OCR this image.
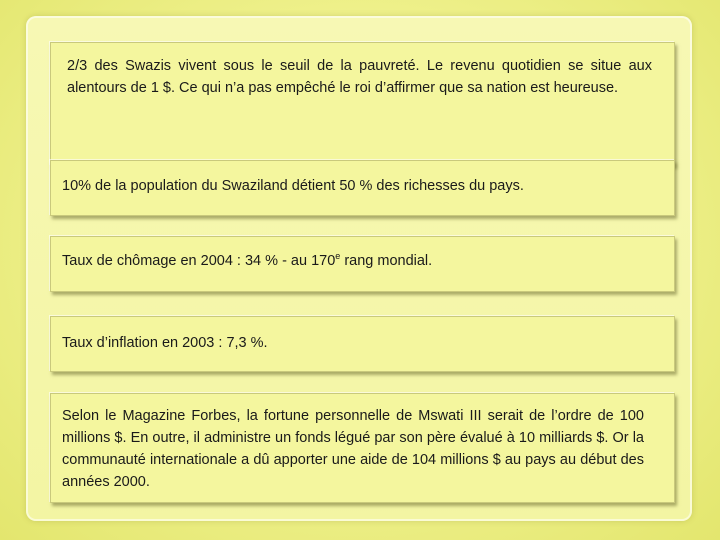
2/3 des Swazis vivent sous le seuil de la pauvreté. Le revenu quotidien se situe aux alentours de 1 $. Ce qui n’a pas empêché le roi d’affirmer que sa nation est heureuse.

10% de la population du Swaziland détient 50 % des richesses du pays.

Taux de chômage en 2004 : 34 % - au 170e rang mondial.

Taux d’inflation en 2003 : 7,3 %.

Selon le Magazine Forbes, la fortune personnelle de Mswati III serait de l’ordre de 100 millions $. En outre, il administre un fonds légué par son père évalué à 10 milliards $. Or la communauté internationale a dû apporter une aide de 104 millions $ au pays au début des années 2000.
